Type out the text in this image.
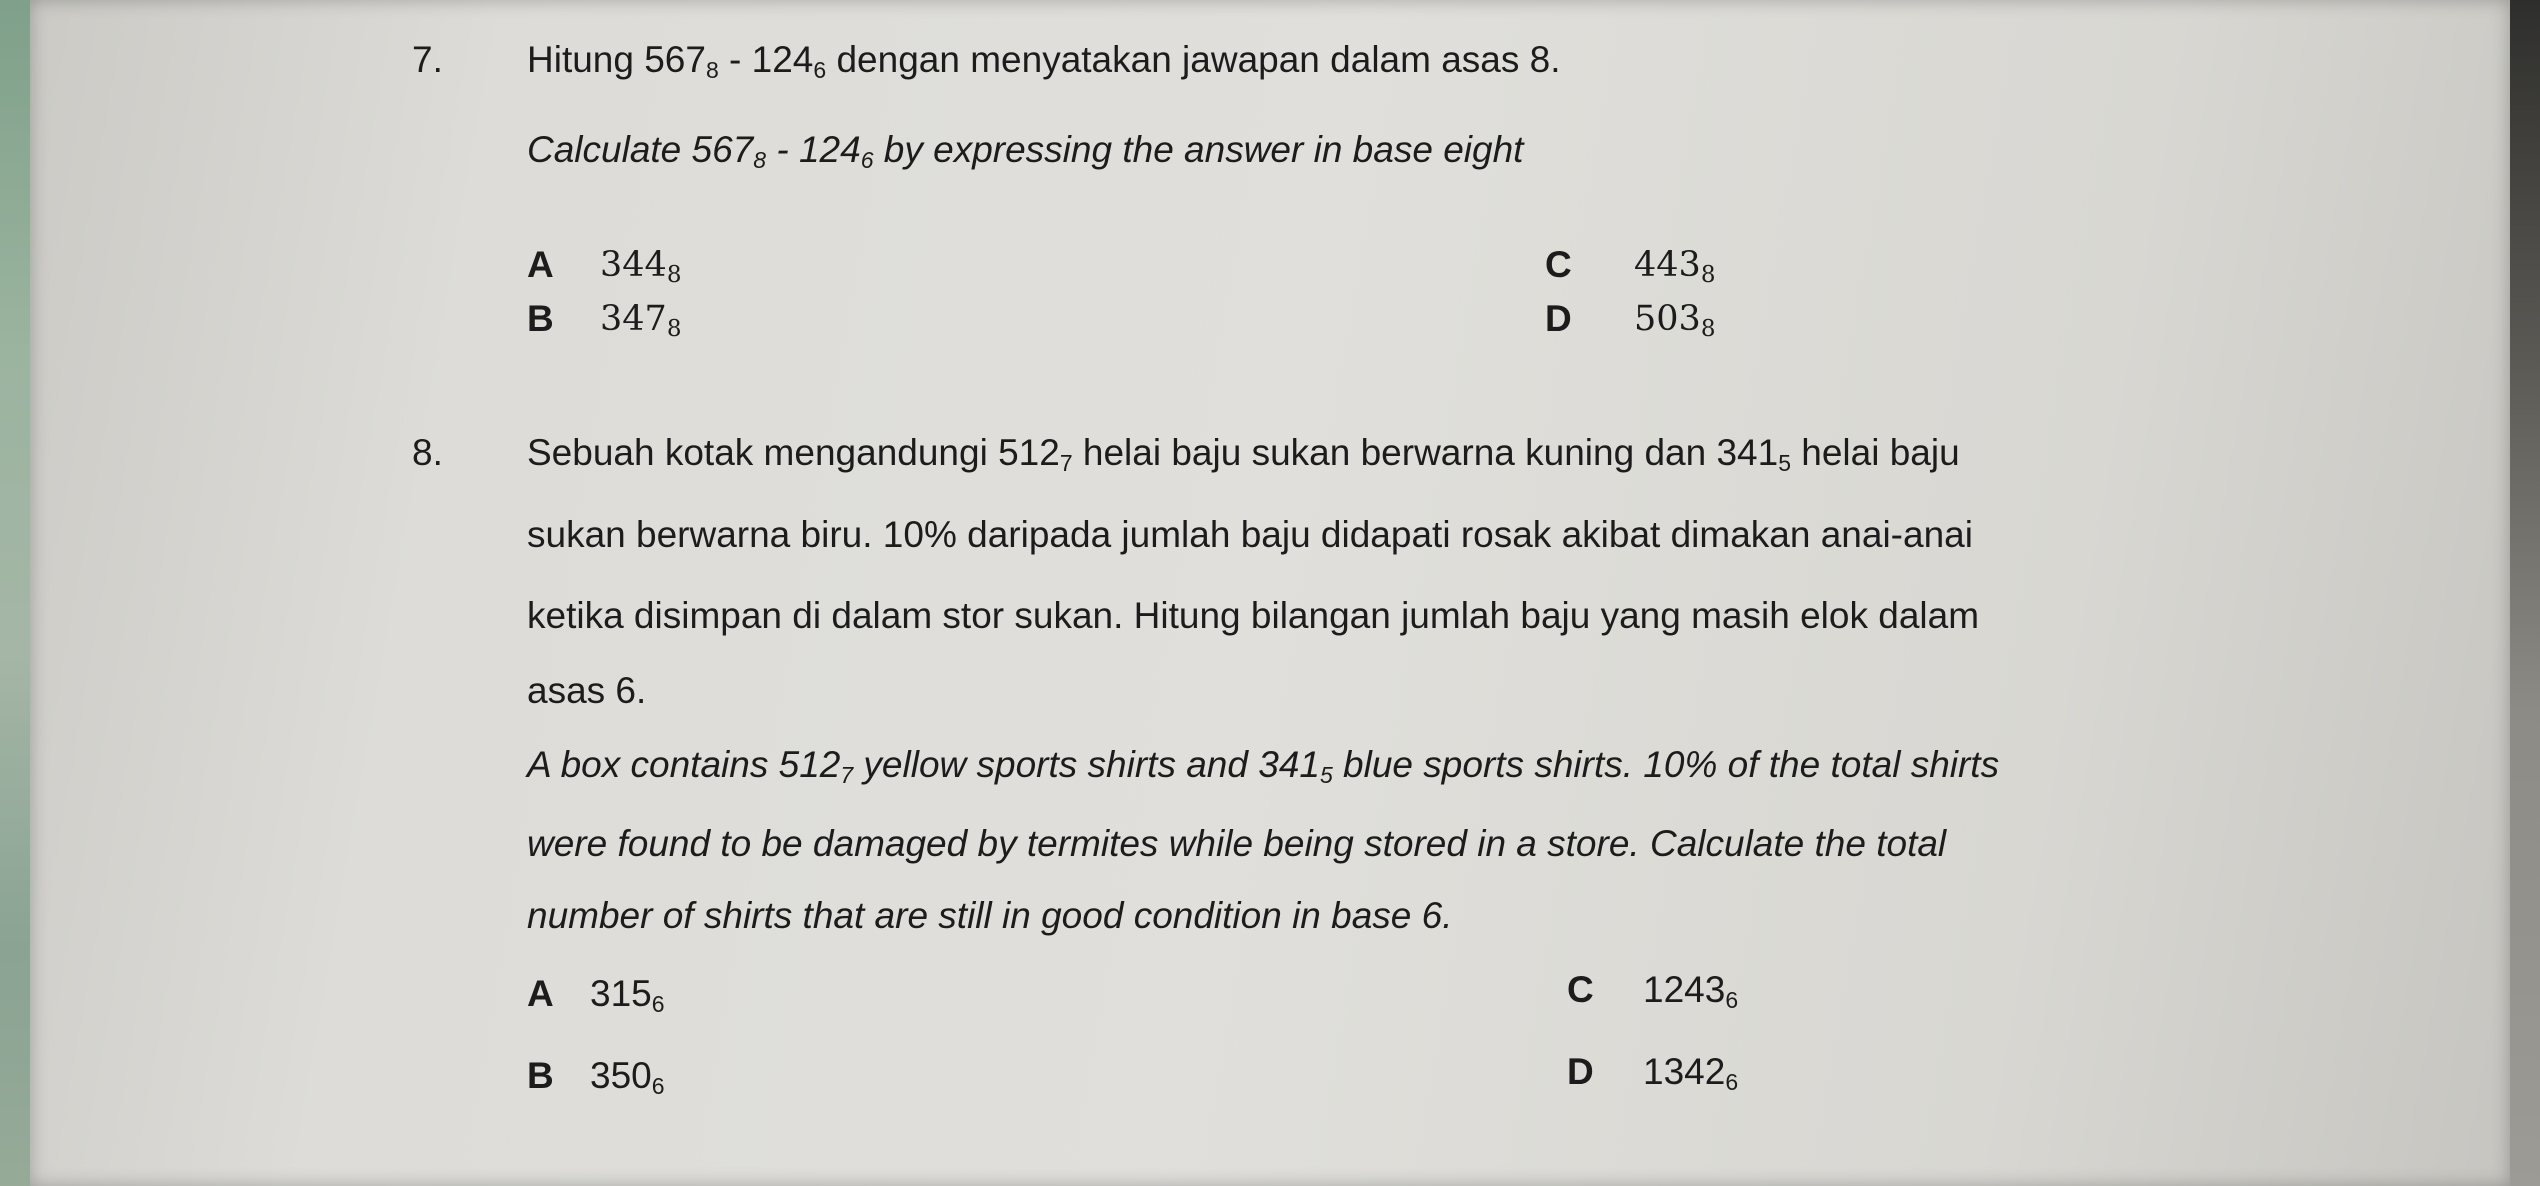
7. Hitung $567_8 - 124_6$ dengan menyatakan jawapan dalam asas 8.
Calculate $567_8 - 124_6$ by expressing the answer in base eight
A $344_8$
B $347_8$
C $443_8$
D $503_8$
8. Sebuah kotak mengandungi $512_7$ helai baju sukan berwarna kuning dan $341_5$ helai baju
sukan berwarna biru. 10% daripada jumlah baju didapati rosak akibat dimakan anai-anai
ketika disimpan di dalam stor sukan. Hitung bilangan jumlah baju yang masih elok dalam
asas 6.
A box contains $512_7$ yellow sports shirts and $341_5$ blue sports shirts. 10% of the total shirts
were found to be damaged by termites while being stored in a store. Calculate the total
number of shirts that are still in good condition in base 6.
A $315_6$
B $350_6$
C $1243_6$
D $1342_6$
